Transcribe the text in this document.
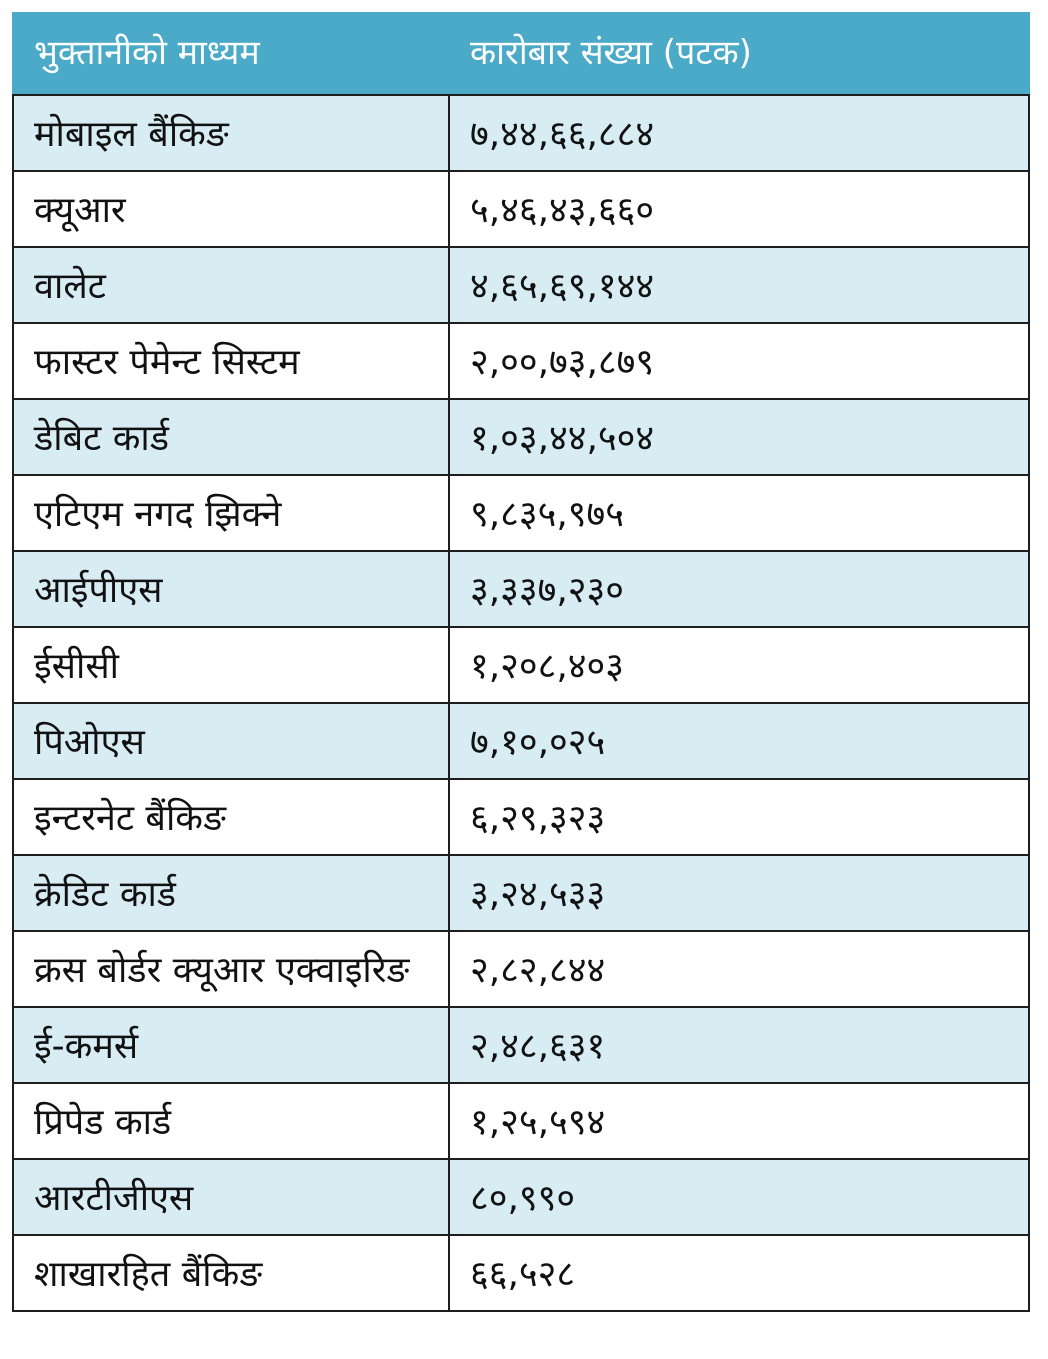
भुक्तानीको माध्यम	कारोबार संख्या (पटक)
मोबाइल बैंकिङ	७,४४,६६,८८४
क्यूआर	५,४६,४३,६६०
वालेट	४,६५,६९,१४४
फास्टर पेमेन्ट सिस्टम	२,००,७३,८७९
डेबिट कार्ड	१,०३,४४,५०४
एटिएम नगद झिक्ने	९,८३५,९७५
आईपीएस	३,३३७,२३०
ईसीसी	१,२०८,४०३
पिओएस	७,१०,०२५
इन्टरनेट बैंकिङ	६,२९,३२३
क्रेडिट कार्ड	३,२४,५३३
क्रस बोर्डर क्यूआर एक्वाइरिङ	२,८२,८४४
ई-कमर्स	२,४८,६३१
प्रिपेड कार्ड	१,२५,५९४
आरटीजीएस	८०,९९०
शाखारहित बैंकिङ	६६,५२८
